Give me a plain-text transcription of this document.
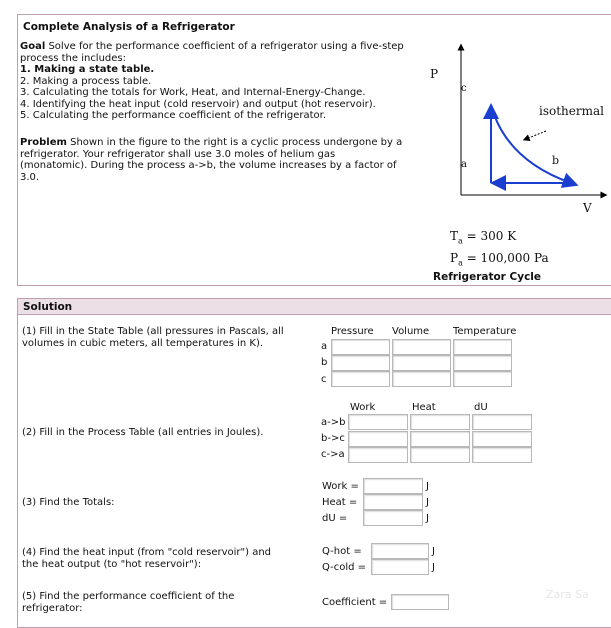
Complete Analysis of a Refrigerator
Goal Solve for the performance coefficient of a refrigerator using a five-step
process the includes:
1. Making a state table.
2. Making a process table.
3. Calculating the totals for Work, Heat, and Internal-Energy-Change.
4. Identifying the heat input (cold reservoir) and output (hot reservoir).
5. Calculating the performance coefficient of the refrigerator.
Problem Shown in the figure to the right is a cyclic process undergone by a
refrigerator. Your refrigerator shall use 3.0 moles of helium gas
(monatomic). During the process a->b, the volume increases by a factor of
3.0.
P
V
c
a	b
isothermal
$T_a = 300$ K
$P_a = 100,000$ Pa
Refrigerator Cycle
Solution
(1) Fill in the State Table (all pressures in Pascals, all
volumes in cubic meters, all temperatures in K).
Pressure Volume Temperature
a
b
c
Work	Heat	dU
(2) Fill in the Process Table (all entries in Joules).
a->b
b->c
c->a
(3) Find the Totals:
Work =
Heat =
dU =
J
J
J
(4) Find the heat input (from "cold reservoir") and
the heat output (to "hot reservoir"):
Q-hot =
Q-cold =
J
J
(5) Find the performance coefficient of the
refrigerator:	Coefficient =
Zara Sa
